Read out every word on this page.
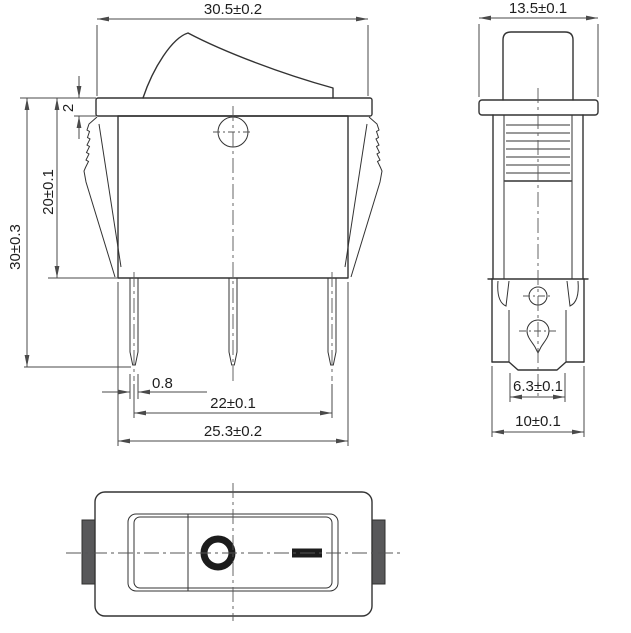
30.5±0.2
30±0.3
20±0.1
2
0.8
22±0.1
25.3±0.2
13.5±0.1
6.3±0.1
10±0.1
